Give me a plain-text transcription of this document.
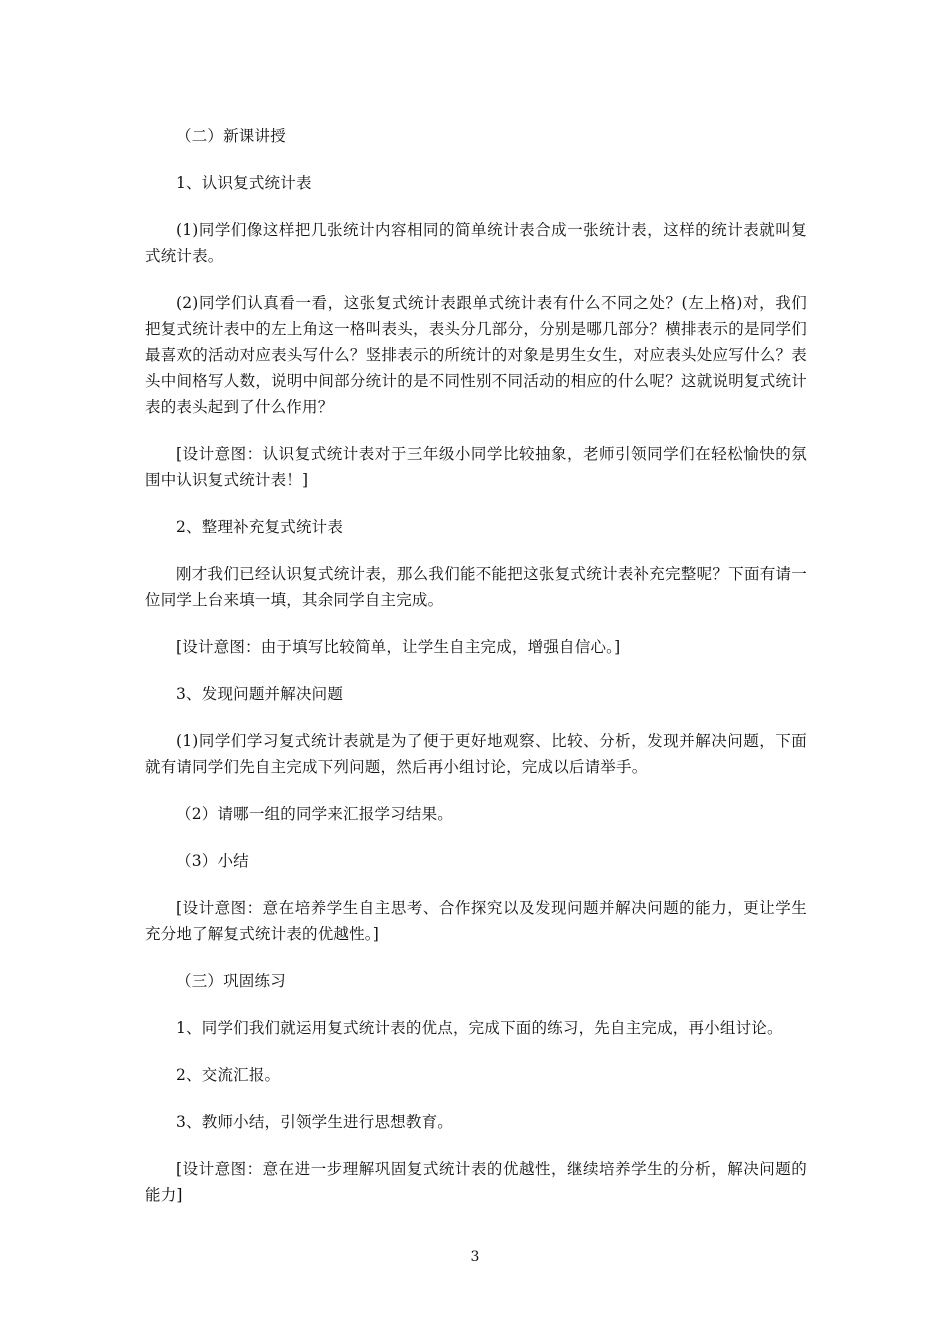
（二）新课讲授

1、认识复式统计表

(1)同学们像这样把几张统计内容相同的简单统计表合成一张统计表，这样的统计表就叫复式统计表。

(2)同学们认真看一看，这张复式统计表跟单式统计表有什么不同之处？(左上格)对，我们把复式统计表中的左上角这一格叫表头，表头分几部分，分别是哪几部分？横排表示的是同学们最喜欢的活动对应表头写什么？竖排表示的所统计的对象是男生女生，对应表头处应写什么？表头中间格写人数，说明中间部分统计的是不同性别不同活动的相应的什么呢？这就说明复式统计表的表头起到了什么作用？

[设计意图：认识复式统计表对于三年级小同学比较抽象，老师引领同学们在轻松愉快的氛围中认识复式统计表！]

2、整理补充复式统计表

刚才我们已经认识复式统计表，那么我们能不能把这张复式统计表补充完整呢？下面有请一位同学上台来填一填，其余同学自主完成。

[设计意图：由于填写比较简单，让学生自主完成，增强自信心。]

3、发现问题并解决问题

(1)同学们学习复式统计表就是为了便于更好地观察、比较、分析，发现并解决问题，下面就有请同学们先自主完成下列问题，然后再小组讨论，完成以后请举手。

（2）请哪一组的同学来汇报学习结果。

（3）小结

[设计意图：意在培养学生自主思考、合作探究以及发现问题并解决问题的能力，更让学生充分地了解复式统计表的优越性。]

（三）巩固练习

1、同学们我们就运用复式统计表的优点，完成下面的练习，先自主完成，再小组讨论。

2、交流汇报。

3、教师小结，引领学生进行思想教育。

[设计意图：意在进一步理解巩固复式统计表的优越性，继续培养学生的分析，解决问题的能力]

3
